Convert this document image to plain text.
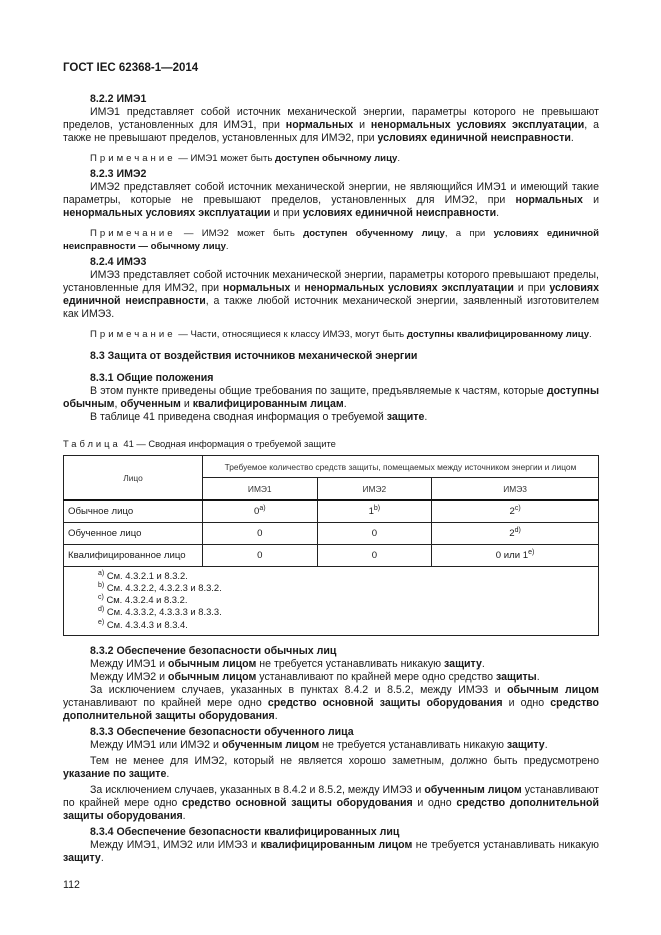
ГОСТ IEC 62368-1—2014
8.2.2 ИМЭ1
ИМЭ1 представляет собой источник механической энергии, параметры которого не превышают пределов, установленных для ИМЭ1, при нормальных и ненормальных условиях эксплуатации, а также не превышают пределов, установленных для ИМЭ2, при условиях единичной неисправности.
Примечание — ИМЭ1 может быть доступен обычному лицу.
8.2.3 ИМЭ2
ИМЭ2 представляет собой источник механической энергии, не являющийся ИМЭ1 и имеющий такие параметры, которые не превышают пределов, установленных для ИМЭ2, при нормальных и ненормальных условиях эксплуатации и при условиях единичной неисправности.
Примечание — ИМЭ2 может быть доступен обученному лицу, а при условиях единичной неисправности — обычному лицу.
8.2.4 ИМЭ3
ИМЭ3 представляет собой источник механической энергии, параметры которого превышают пределы, установленные для ИМЭ2, при нормальных и ненормальных условиях эксплуатации и при условиях единичной неисправности, а также любой источник механической энергии, заявленный изготовителем как ИМЭ3.
Примечание — Части, относящиеся к классу ИМЭ3, могут быть доступны квалифицированному лицу.
8.3 Защита от воздействия источников механической энергии
8.3.1 Общие положения
В этом пункте приведены общие требования по защите, предъявляемые к частям, которые доступны обычным, обученным и квалифицированным лицам.
В таблице 41 приведена сводная информация о требуемой защите.
Таблица 41 — Сводная информация о требуемой защите
Лицо	Требуемое количество средств защиты, помещаемых между источником энергии и лицом		
	ИМЭ1	ИМЭ2	ИМЭ3
Обычное лицо	0$^{a)}$	1$^{b)}$	2$^{c)}$
Обученное лицо	0	0	2$^{d)}$
Квалифицированное лицо	0	0	0 или 1$^{e)}$

$^{a)}$ См. 4.3.2.1 и 8.3.2.
$^{b)}$ См. 4.3.2.2, 4.3.2.3 и 8.3.2.
$^{c)}$ См. 4.3.2.4 и 8.3.2.
$^{d)}$ См. 4.3.3.2, 4.3.3.3 и 8.3.3.
$^{e)}$ См. 4.3.4.3 и 8.3.4.			
8.3.2 Обеспечение безопасности обычных лиц
Между ИМЭ1 и обычным лицом не требуется устанавливать никакую защиту.
Между ИМЭ2 и обычным лицом устанавливают по крайней мере одно средство защиты.
За исключением случаев, указанных в пунктах 8.4.2 и 8.5.2, между ИМЭ3 и обычным лицом устанавливают по крайней мере одно средство основной защиты оборудования и одно средство дополнительной защиты оборудования.
8.3.3 Обеспечение безопасности обученного лица
Между ИМЭ1 или ИМЭ2 и обученным лицом не требуется устанавливать никакую защиту.
Тем не менее для ИМЭ2, который не является хорошо заметным, должно быть предусмотрено указание по защите.
За исключением случаев, указанных в 8.4.2 и 8.5.2, между ИМЭ3 и обученным лицом устанавливают по крайней мере одно средство основной защиты оборудования и одно средство дополнительной защиты оборудования.
8.3.4 Обеспечение безопасности квалифицированных лиц
Между ИМЭ1, ИМЭ2 или ИМЭ3 и квалифицированным лицом не требуется устанавливать никакую защиту.
112
